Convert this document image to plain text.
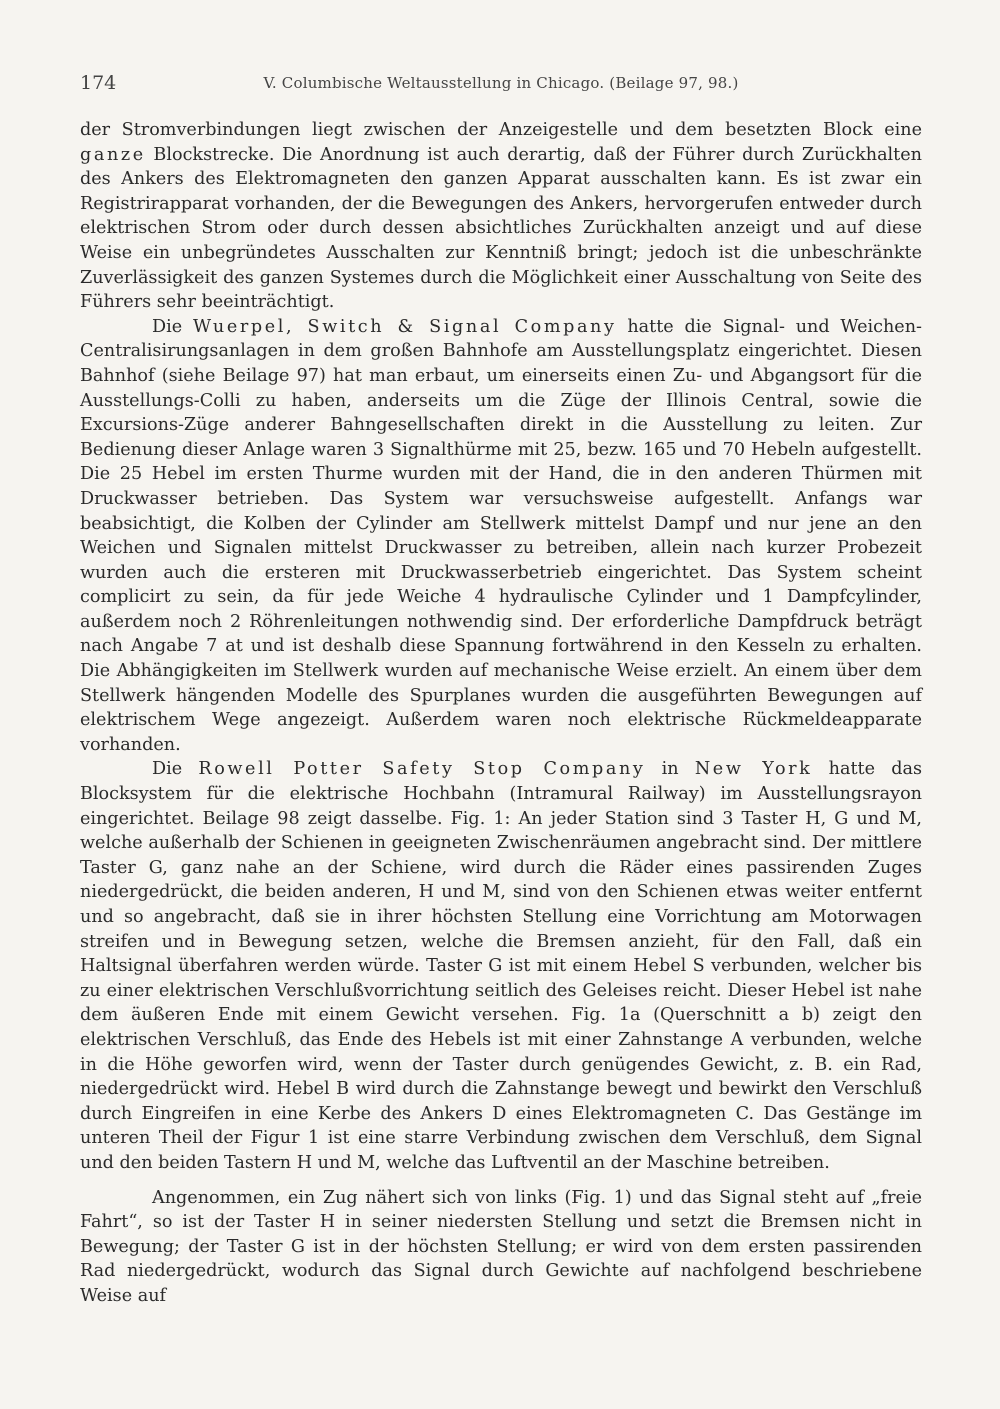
174	V. Columbische Weltausstellung in Chicago. (Beilage 97, 98.)

der Stromverbindungen liegt zwischen der Anzeigestelle und dem besetzten Block eine ganze Blockstrecke. Die Anordnung ist auch derartig, daß der Führer durch Zurückhalten des Ankers des Elektromagneten den ganzen Apparat ausschalten kann. Es ist zwar ein Registrirapparat vorhanden, der die Bewegungen des Ankers, hervorgerufen entweder durch elektrischen Strom oder durch dessen absichtliches Zurückhalten anzeigt und auf diese Weise ein unbegründetes Ausschalten zur Kenntniß bringt; jedoch ist die unbeschränkte Zuverlässigkeit des ganzen Systemes durch die Möglichkeit einer Ausschaltung von Seite des Führers sehr beeinträchtigt.

Die Wuerpel, Switch & Signal Company hatte die Signal- und Weichen-Centralisirungsanlagen in dem großen Bahnhofe am Ausstellungsplatz eingerichtet. Diesen Bahnhof (siehe Beilage 97) hat man erbaut, um einerseits einen Zu- und Abgangsort für die Ausstellungs-Colli zu haben, anderseits um die Züge der Illinois Central, sowie die Excursions-Züge anderer Bahngesellschaften direkt in die Ausstellung zu leiten. Zur Bedienung dieser Anlage waren 3 Signalthürme mit 25, bezw. 165 und 70 Hebeln aufgestellt. Die 25 Hebel im ersten Thurme wurden mit der Hand, die in den anderen Thürmen mit Druckwasser betrieben. Das System war versuchsweise aufgestellt. Anfangs war beabsichtigt, die Kolben der Cylinder am Stellwerk mittelst Dampf und nur jene an den Weichen und Signalen mittelst Druckwasser zu betreiben, allein nach kurzer Probezeit wurden auch die ersteren mit Druckwasserbetrieb eingerichtet. Das System scheint complicirt zu sein, da für jede Weiche 4 hydraulische Cylinder und 1 Dampfcylinder, außerdem noch 2 Röhrenleitungen nothwendig sind. Der erforderliche Dampfdruck beträgt nach Angabe 7 at und ist deshalb diese Spannung fortwährend in den Kesseln zu erhalten. Die Abhängigkeiten im Stellwerk wurden auf mechanische Weise erzielt. An einem über dem Stellwerk hängenden Modelle des Spurplanes wurden die ausgeführten Bewegungen auf elektrischem Wege angezeigt. Außerdem waren noch elektrische Rückmeldeapparate vorhanden.

Die Rowell Potter Safety Stop Company in New York hatte das Blocksystem für die elektrische Hochbahn (Intramural Railway) im Ausstellungsrayon eingerichtet. Beilage 98 zeigt dasselbe. Fig. 1: An jeder Station sind 3 Taster H, G und M, welche außerhalb der Schienen in geeigneten Zwischenräumen angebracht sind. Der mittlere Taster G, ganz nahe an der Schiene, wird durch die Räder eines passirenden Zuges niedergedrückt, die beiden anderen, H und M, sind von den Schienen etwas weiter entfernt und so angebracht, daß sie in ihrer höchsten Stellung eine Vorrichtung am Motorwagen streifen und in Bewegung setzen, welche die Bremsen anzieht, für den Fall, daß ein Haltsignal überfahren werden würde. Taster G ist mit einem Hebel S verbunden, welcher bis zu einer elektrischen Verschlußvorrichtung seitlich des Geleises reicht. Dieser Hebel ist nahe dem äußeren Ende mit einem Gewicht versehen. Fig. 1a (Querschnitt a b) zeigt den elektrischen Verschluß, das Ende des Hebels ist mit einer Zahnstange A verbunden, welche in die Höhe geworfen wird, wenn der Taster durch genügendes Gewicht, z. B. ein Rad, niedergedrückt wird. Hebel B wird durch die Zahnstange bewegt und bewirkt den Verschluß durch Eingreifen in eine Kerbe des Ankers D eines Elektromagneten C. Das Gestänge im unteren Theil der Figur 1 ist eine starre Verbindung zwischen dem Verschluß, dem Signal und den beiden Tastern H und M, welche das Luftventil an der Maschine betreiben.

Angenommen, ein Zug nähert sich von links (Fig. 1) und das Signal steht auf „freie Fahrt“, so ist der Taster H in seiner niedersten Stellung und setzt die Bremsen nicht in Bewegung; der Taster G ist in der höchsten Stellung; er wird von dem ersten passirenden Rad niedergedrückt, wodurch das Signal durch Gewichte auf nachfolgend beschriebene Weise auf
